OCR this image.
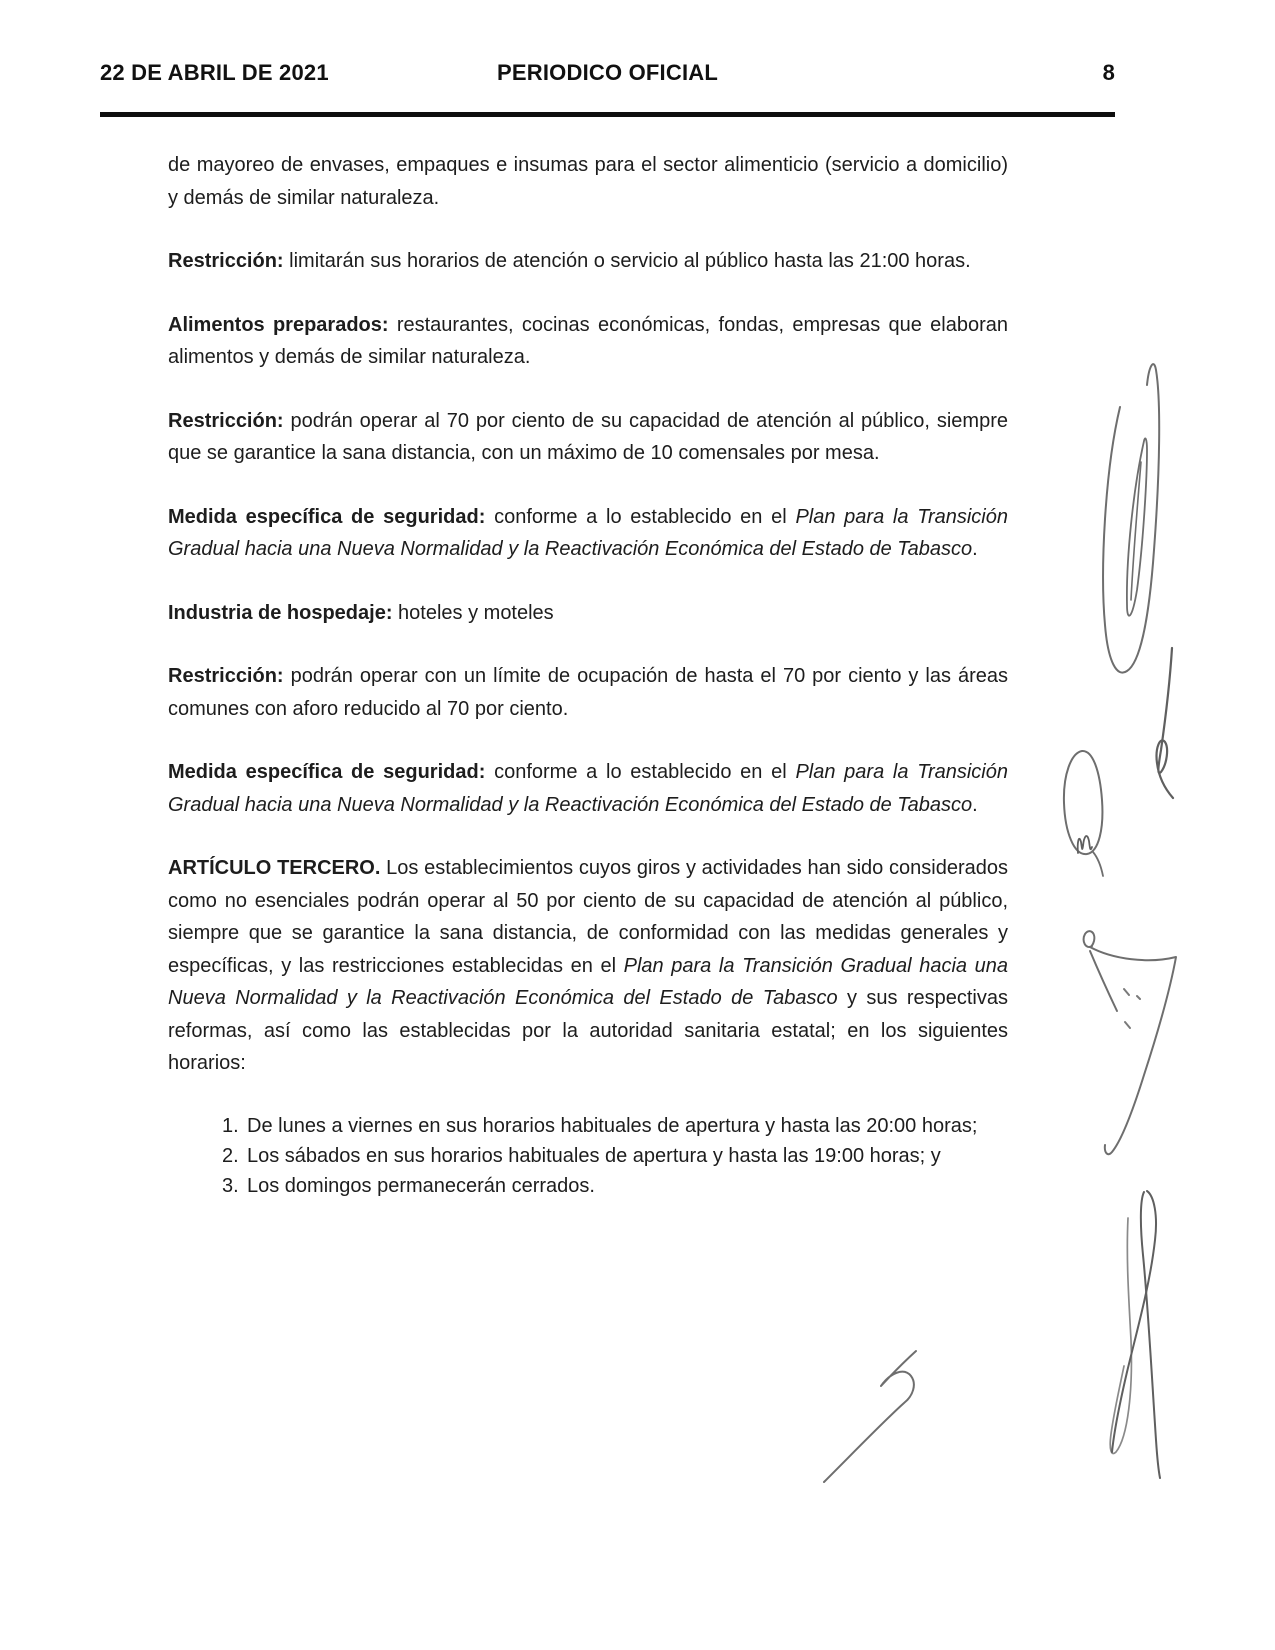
22 DE ABRIL DE 2021	PERIODICO OFICIAL	8

de mayoreo de envases, empaques e insumas para el sector alimenticio (servicio a domicilio) y demás de similar naturaleza.

Restricción: limitarán sus horarios de atención o servicio al público hasta las 21:00 horas.

Alimentos preparados: restaurantes, cocinas económicas, fondas, empresas que elaboran alimentos y demás de similar naturaleza.

Restricción: podrán operar al 70 por ciento de su capacidad de atención al público, siempre que se garantice la sana distancia, con un máximo de 10 comensales por mesa.

Medida específica de seguridad: conforme a lo establecido en el Plan para la Transición Gradual hacia una Nueva Normalidad y la Reactivación Económica del Estado de Tabasco.

Industria de hospedaje: hoteles y moteles

Restricción: podrán operar con un límite de ocupación de hasta el 70 por ciento y las áreas comunes con aforo reducido al 70 por ciento.

Medida específica de seguridad: conforme a lo establecido en el Plan para la Transición Gradual hacia una Nueva Normalidad y la Reactivación Económica del Estado de Tabasco.

ARTÍCULO TERCERO. Los establecimientos cuyos giros y actividades han sido considerados como no esenciales podrán operar al 50 por ciento de su capacidad de atención al público, siempre que se garantice la sana distancia, de conformidad con las medidas generales y específicas, y las restricciones establecidas en el Plan para la Transición Gradual hacia una Nueva Normalidad y la Reactivación Económica del Estado de Tabasco y sus respectivas reformas, así como las establecidas por la autoridad sanitaria estatal; en los siguientes horarios:

1. De lunes a viernes en sus horarios habituales de apertura y hasta las 20:00 horas;
2. Los sábados en sus horarios habituales de apertura y hasta las 19:00 horas; y
3. Los domingos permanecerán cerrados.
